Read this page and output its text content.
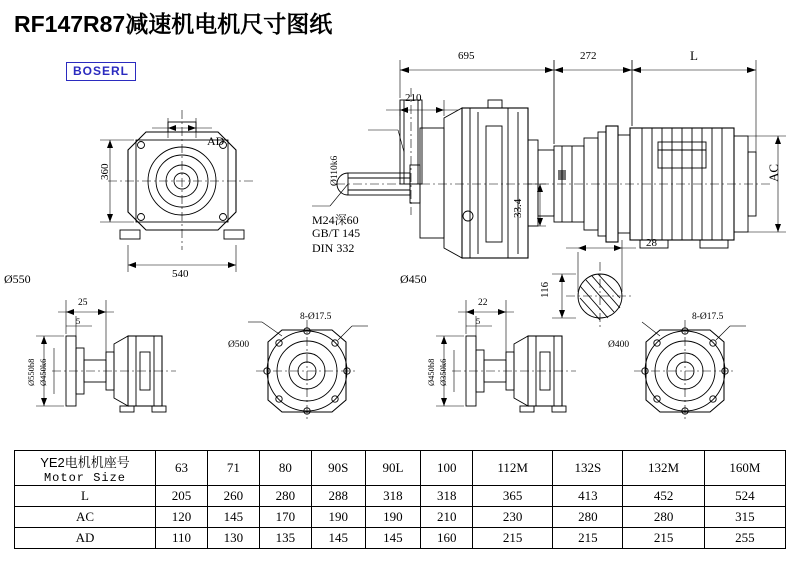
RF147R87减速机电机尺寸图纸
BOSERL
695	272	L
210
Ø110k6
AD
360
540
AC
33.4
28
116
M24深60
GB/T 145
DIN 332
Ø550	Ø450
25
5
22
5
8-Ø17.5	8-Ø17.5
Ø500	Ø400
Ø550h8 Ø450k6	Ø450h8 Ø350k6
YE2电机机座号
Motor Size	63	71	80	90S	90L	100	112M	132S	132M	160M
L	205	260	280	288	318	318	365	413	452	524
AC	120	145	170	190	190	210	230	280	280	315
AD	110	130	135	145	145	160	215	215	215	255
